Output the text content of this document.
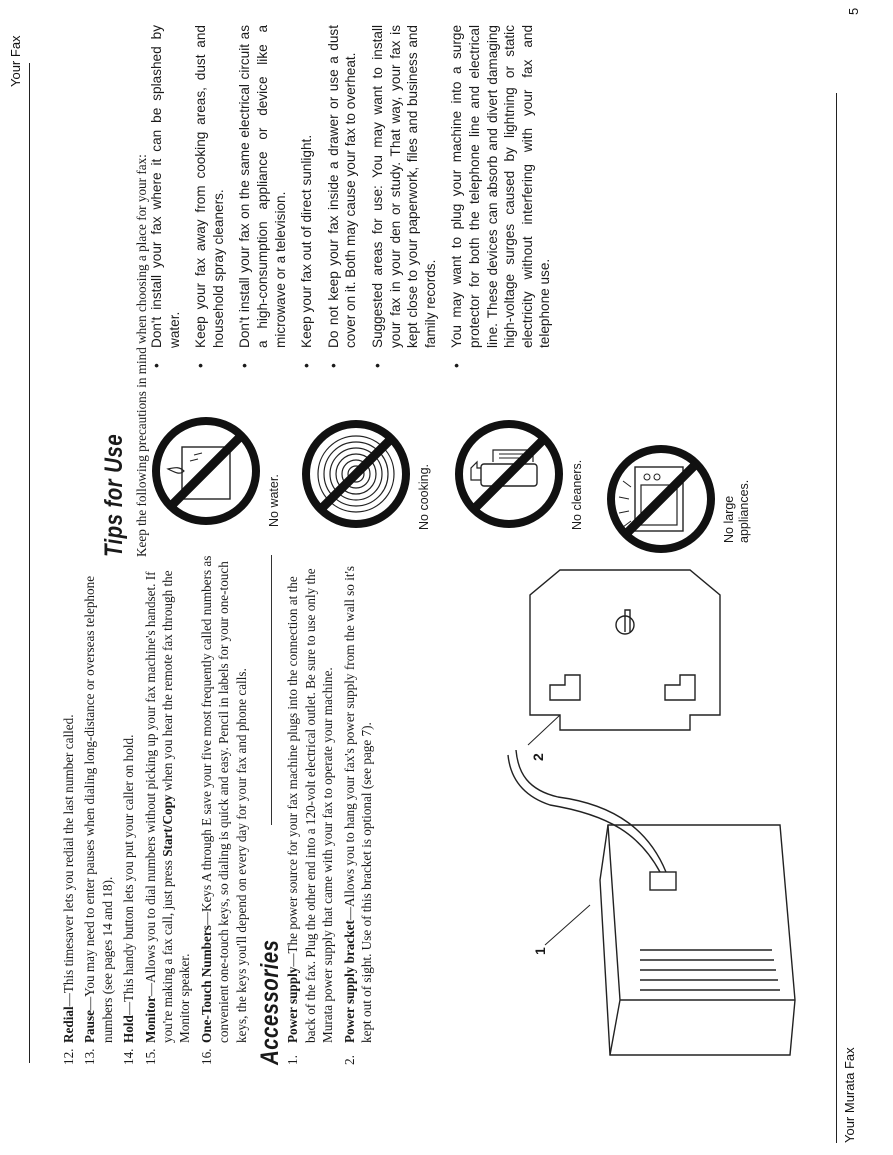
Your Murata Fax
Your Fax
5
12.
Redial—This timesaver lets you redial the last number called.
13.
Pause—You may need to enter pauses when dialing long-distance or overseas telephone numbers (see pages 14 and 18).
14.
Hold—This handy button lets you put your caller on hold.
15.
Monitor—Allows you to dial numbers without picking up your fax machine's handset. If you're making a fax call, just press Start/Copy when you hear the remote fax through the Monitor speaker.
16.
One-Touch Numbers—Keys A through E save your five most frequently called numbers as convenient one-touch keys, so dialing is quick and easy. Pencil in labels for your one-touch keys, the keys you'll depend on every day for your fax and phone calls. Accessories 1.
Power supply—The power source for your fax machine plugs into the connection at the back of the fax. Plug the other end into a 120-volt electrical outlet. Be sure to use only the Murata power supply that came with your fax to operate your machine.
2.
Power supply bracket—Allows you to hang your fax's power supply from the wall so it's kept out of sight. Use of this bracket is optional (see page 7).	1
2
Tips for Use Keep the following precautions in mind when choosing a place for your fax: •
Don't install your fax where it can be splashed by water.
•
Keep your fax away from cooking areas, dust and household spray cleaners.
•
Don't install your fax on the same electrical circuit as a high-consumption appliance or device like a microwave or a television.
•
Keep your fax out of direct sunlight.
•
Do not keep your fax inside a drawer or use a dust cover on it. Both may cause your fax to overheat.
•
Suggested areas for use: You may want to install your fax in your den or study. That way, your fax is kept close to your paperwork, files and business and family records.
•
You may want to plug your machine into a surge protector for both the telephone line and electrical line. These devices can absorb and divert damaging high-voltage surges caused by lightning or static electricity without interfering with your fax and telephone use.
No water.	No cooking.	No cleaners.	No large appliances.
